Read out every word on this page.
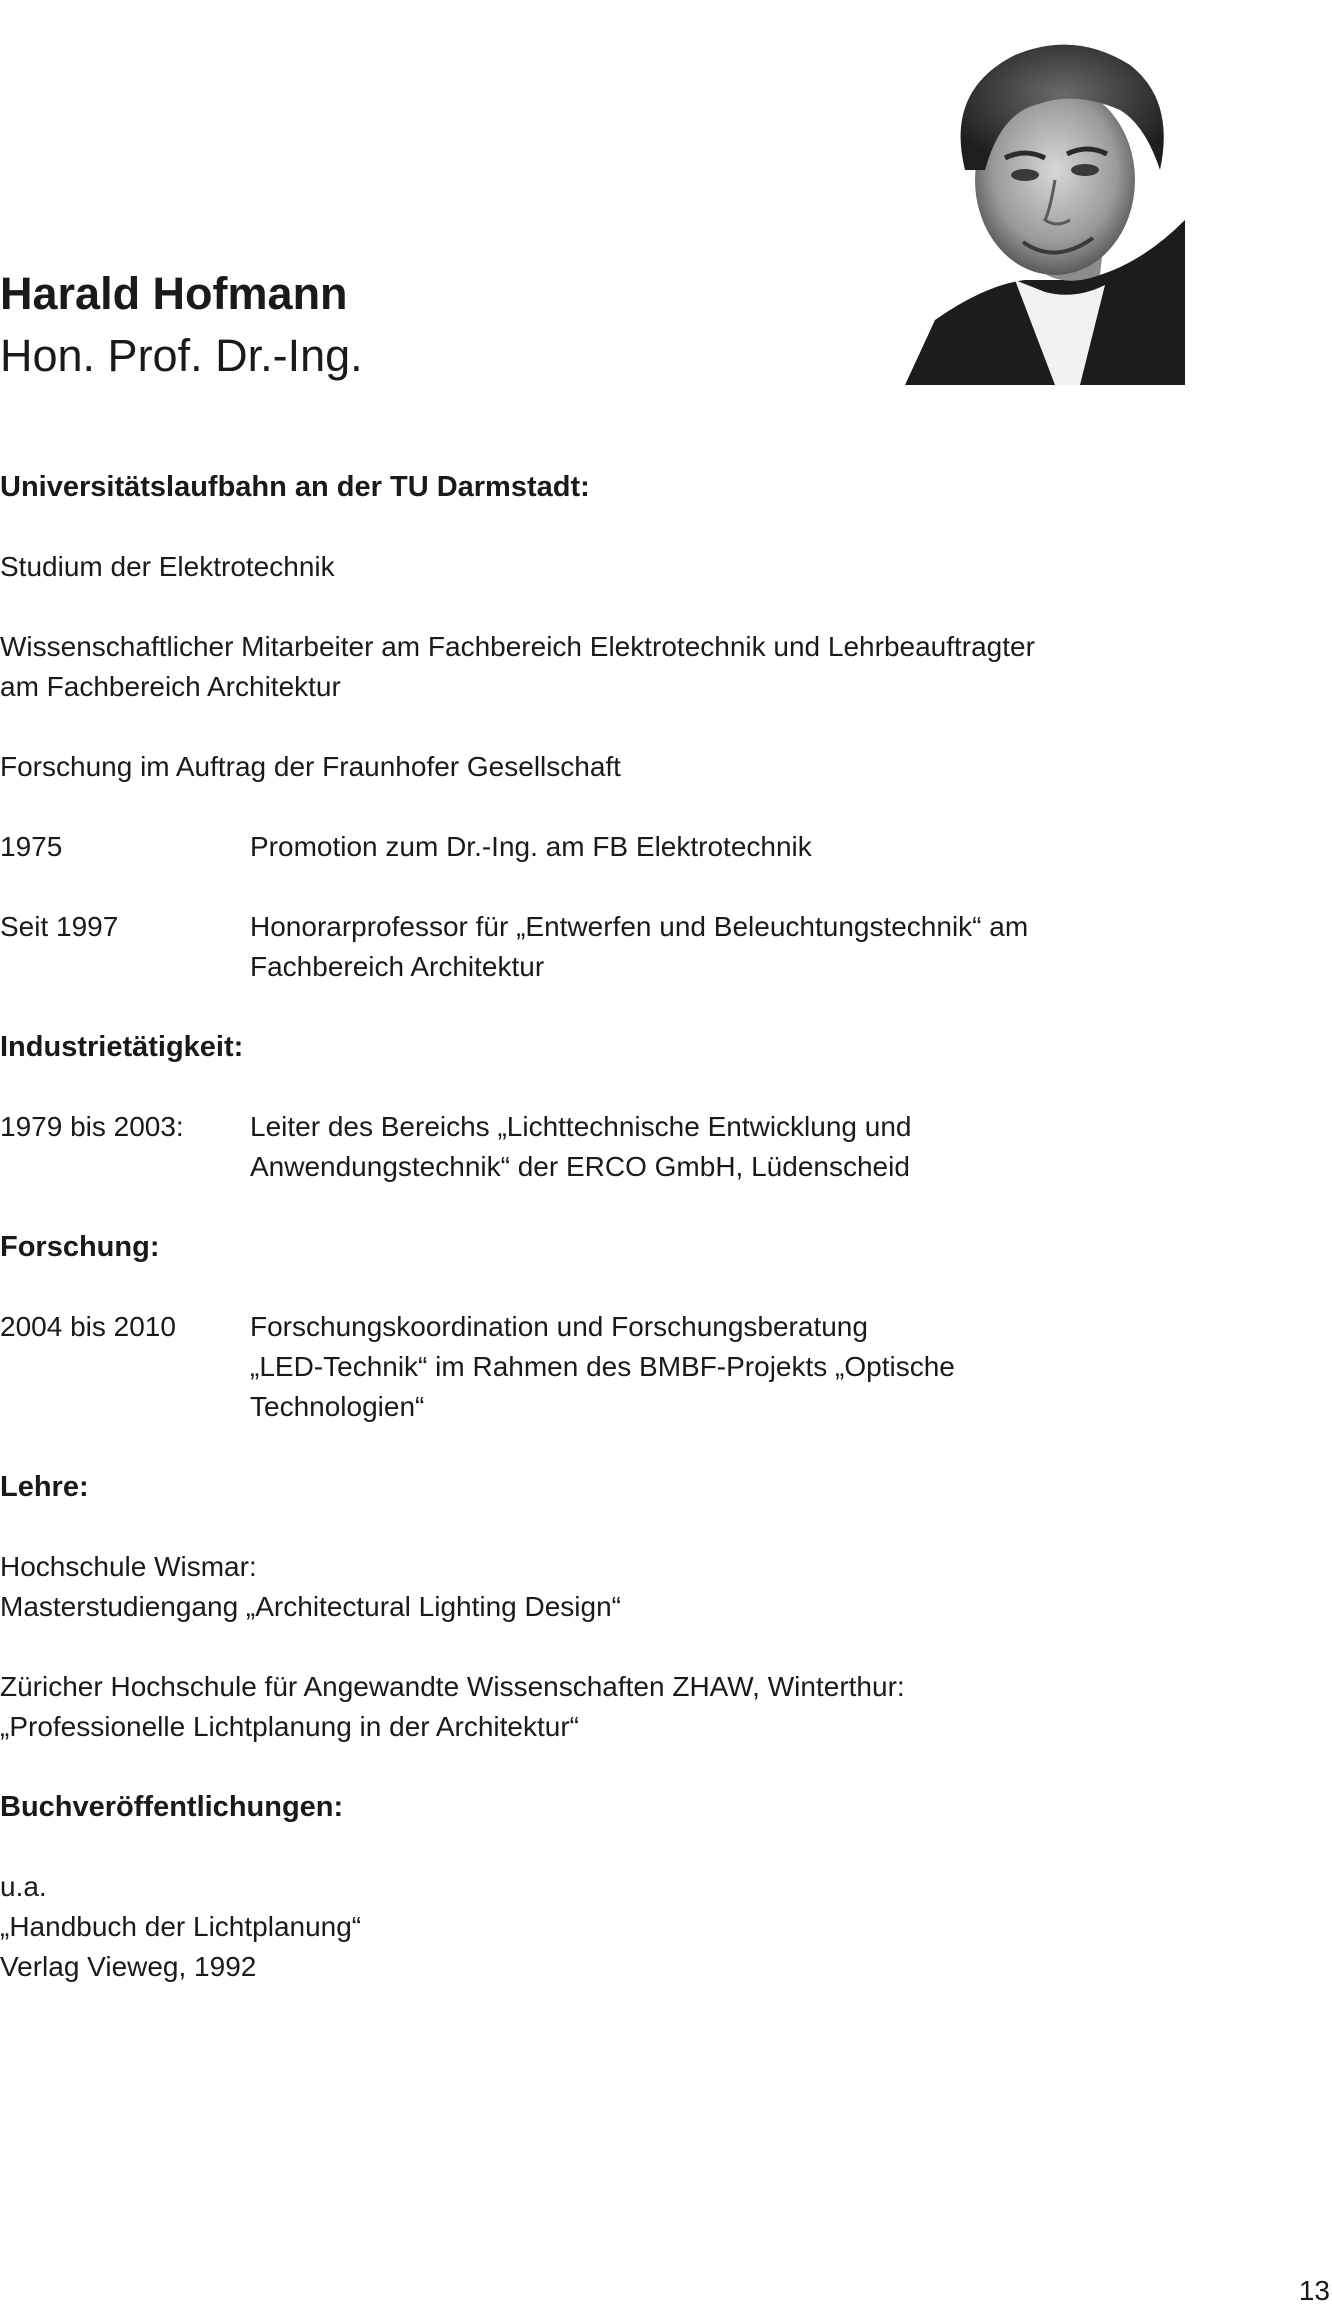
Harald Hofmann
Hon. Prof. Dr.-Ing.
Universitätslaufbahn an der TU Darmstadt:
Studium der Elektrotechnik
Wissenschaftlicher Mitarbeiter am Fachbereich Elektrotechnik und Lehrbeauftragter
am Fachbereich Architektur
Forschung im Auftrag der Fraunhofer Gesellschaft
1975	Promotion zum Dr.-Ing. am FB Elektrotechnik
Seit 1997	Honorarprofessor für „Entwerfen und Beleuchtungstechnik“ am
Fachbereich Architektur
Industrietätigkeit:
1979 bis 2003:	Leiter des Bereichs „Lichttechnische Entwicklung und
Anwendungstechnik“ der ERCO GmbH, Lüdenscheid
Forschung:
2004 bis 2010	Forschungskoordination und Forschungsberatung
„LED-Technik“ im Rahmen des BMBF-Projekts „Optische
Technologien“
Lehre:
Hochschule Wismar:
Masterstudiengang „Architectural Lighting Design“
Züricher Hochschule für Angewandte Wissenschaften ZHAW, Winterthur:
„Professionelle Lichtplanung in der Architektur“
Buchveröffentlichungen:
u.a.
„Handbuch der Lichtplanung“
Verlag Vieweg, 1992
13
